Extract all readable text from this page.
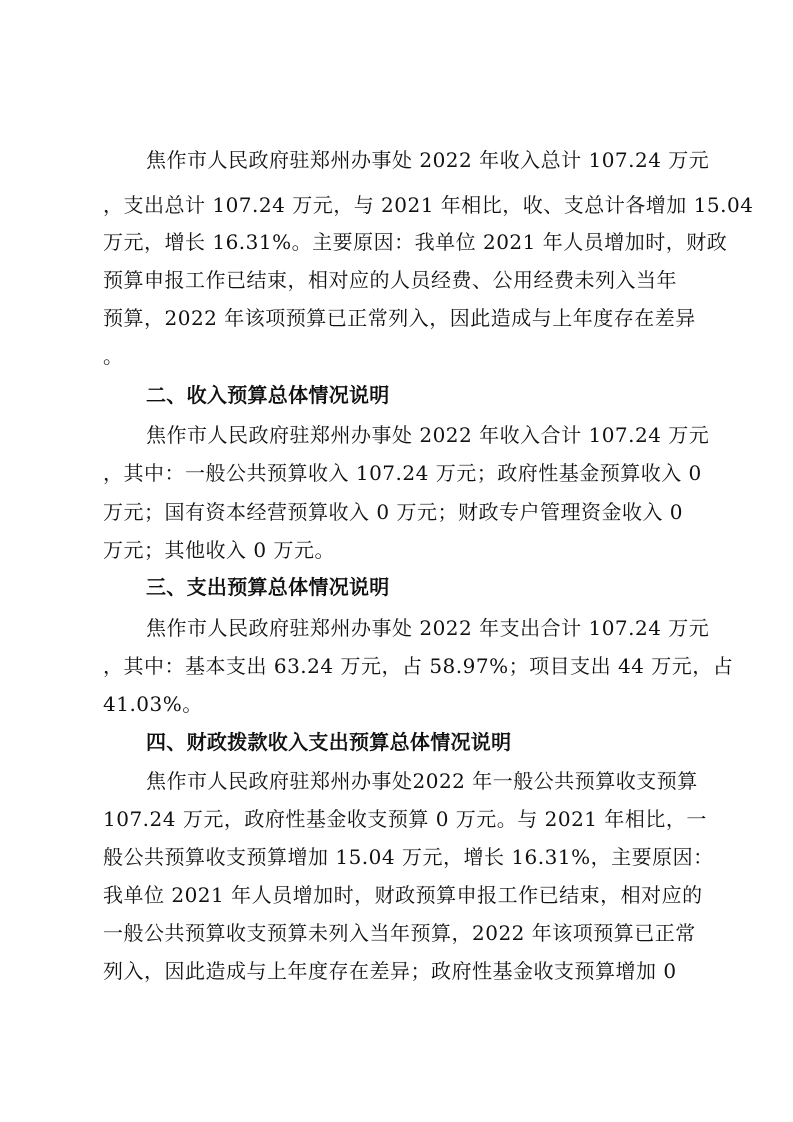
焦作市人民政府驻郑州办事处 2022 年收入总计 107.24 万元
，支出总计 107.24 万元，与 2021 年相比，收、支总计各增加 15.04
万元，增长 16.31%。主要原因：我单位 2021 年人员增加时，财政
预算申报工作已结束，相对应的人员经费、公用经费未列入当年
预算，2022 年该项预算已正常列入，因此造成与上年度存在差异
。
二、收入预算总体情况说明
焦作市人民政府驻郑州办事处 2022 年收入合计 107.24 万元
，其中：一般公共预算收入 107.24 万元；政府性基金预算收入 0
万元；国有资本经营预算收入 0 万元；财政专户管理资金收入 0
万元；其他收入 0 万元。
三、支出预算总体情况说明
焦作市人民政府驻郑州办事处 2022 年支出合计 107.24 万元
，其中：基本支出 63.24 万元，占 58.97%；项目支出 44 万元，占
41.03%。
四、财政拨款收入支出预算总体情况说明
焦作市人民政府驻郑州办事处2022 年一般公共预算收支预算
107.24 万元，政府性基金收支预算 0 万元。与 2021 年相比，一
般公共预算收支预算增加 15.04 万元，增长 16.31%，主要原因：
我单位 2021 年人员增加时，财政预算申报工作已结束，相对应的
一般公共预算收支预算未列入当年预算，2022 年该项预算已正常
列入，因此造成与上年度存在差异；政府性基金收支预算增加 0
